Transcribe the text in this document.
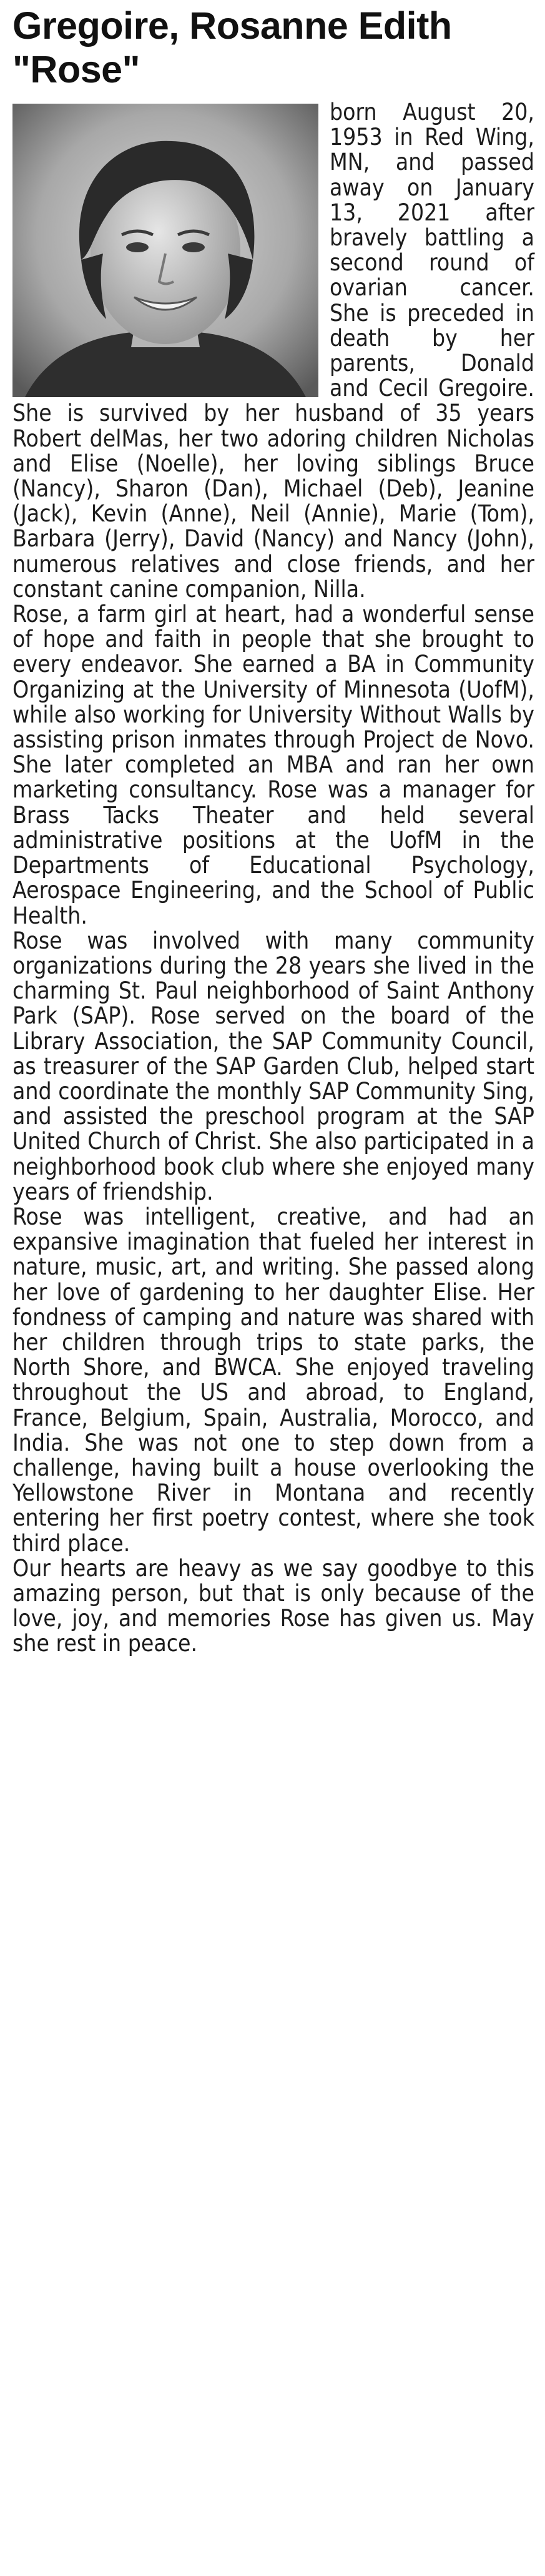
Gregoire, Rosanne Edith
"Rose"

born August 20, 1953 in Red Wing, MN, and passed away on January 13, 2021 after bravely battling a second round of ovarian cancer. She is preceded in death by her parents, Donald and Cecil Gregoire. She is survived by her husband of 35 years Robert delMas, her two adoring children Nicholas and Elise (Noelle), her loving siblings Bruce (Nancy), Sharon (Dan), Michael (Deb), Jeanine (Jack), Kevin (Anne), Neil (Annie), Marie (Tom), Barbara (Jerry), David (Nancy) and Nancy (John), numerous relatives and close friends, and her constant canine companion, Nilla.

Rose, a farm girl at heart, had a wonderful sense of hope and faith in people that she brought to every endeavor. She earned a BA in Community Organizing at the University of Minnesota (UofM), while also working for University Without Walls by assisting prison inmates through Project de Novo. She later completed an MBA and ran her own marketing consultancy. Rose was a manager for Brass Tacks Theater and held several administrative positions at the UofM in the Departments of Educational Psychology, Aerospace Engineering, and the School of Public Health.

Rose was involved with many community organizations during the 28 years she lived in the charming St. Paul neighborhood of Saint Anthony Park (SAP). Rose served on the board of the Library Association, the SAP Community Council, as treasurer of the SAP Garden Club, helped start and coordinate the monthly SAP Community Sing, and assisted the preschool program at the SAP United Church of Christ. She also participated in a neighborhood book club where she enjoyed many years of friendship.

Rose was intelligent, creative, and had an expansive imagination that fueled her interest in nature, music, art, and writing. She passed along her love of gardening to her daughter Elise. Her fondness of camping and nature was shared with her children through trips to state parks, the North Shore, and BWCA. She enjoyed traveling throughout the US and abroad, to England, France, Belgium, Spain, Australia, Morocco, and India. She was not one to step down from a challenge, having built a house overlooking the Yellowstone River in Montana and recently entering her first poetry contest, where she took third place.

Our hearts are heavy as we say goodbye to this amazing person, but that is only because of the love, joy, and memories Rose has given us. May she rest in peace.
